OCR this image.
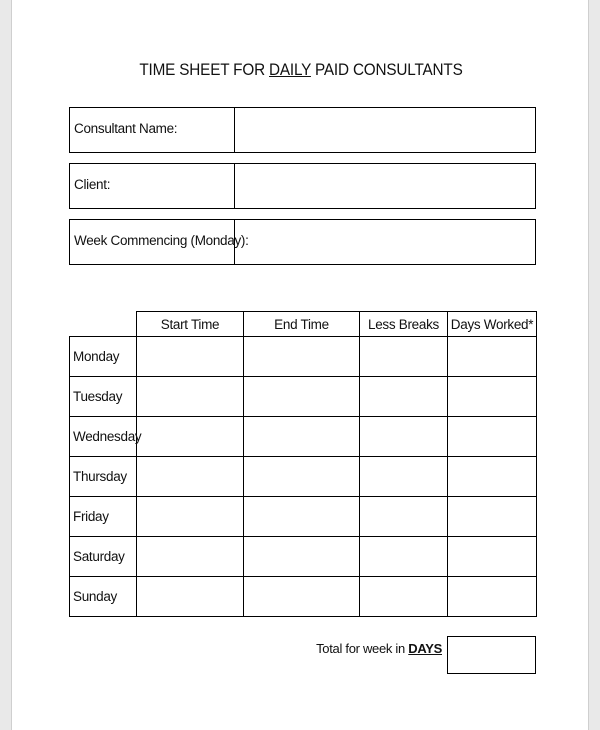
TIME SHEET FOR DAILY PAID CONSULTANTS
Consultant Name:
Client:
Week Commencing (Monday):
	Start Time	End Time	Less Breaks	Days Worked*
Monday				
Tuesday				
Wednesday				
Thursday				
Friday				
Saturday				
Sunday				
Total for week in DAYS
